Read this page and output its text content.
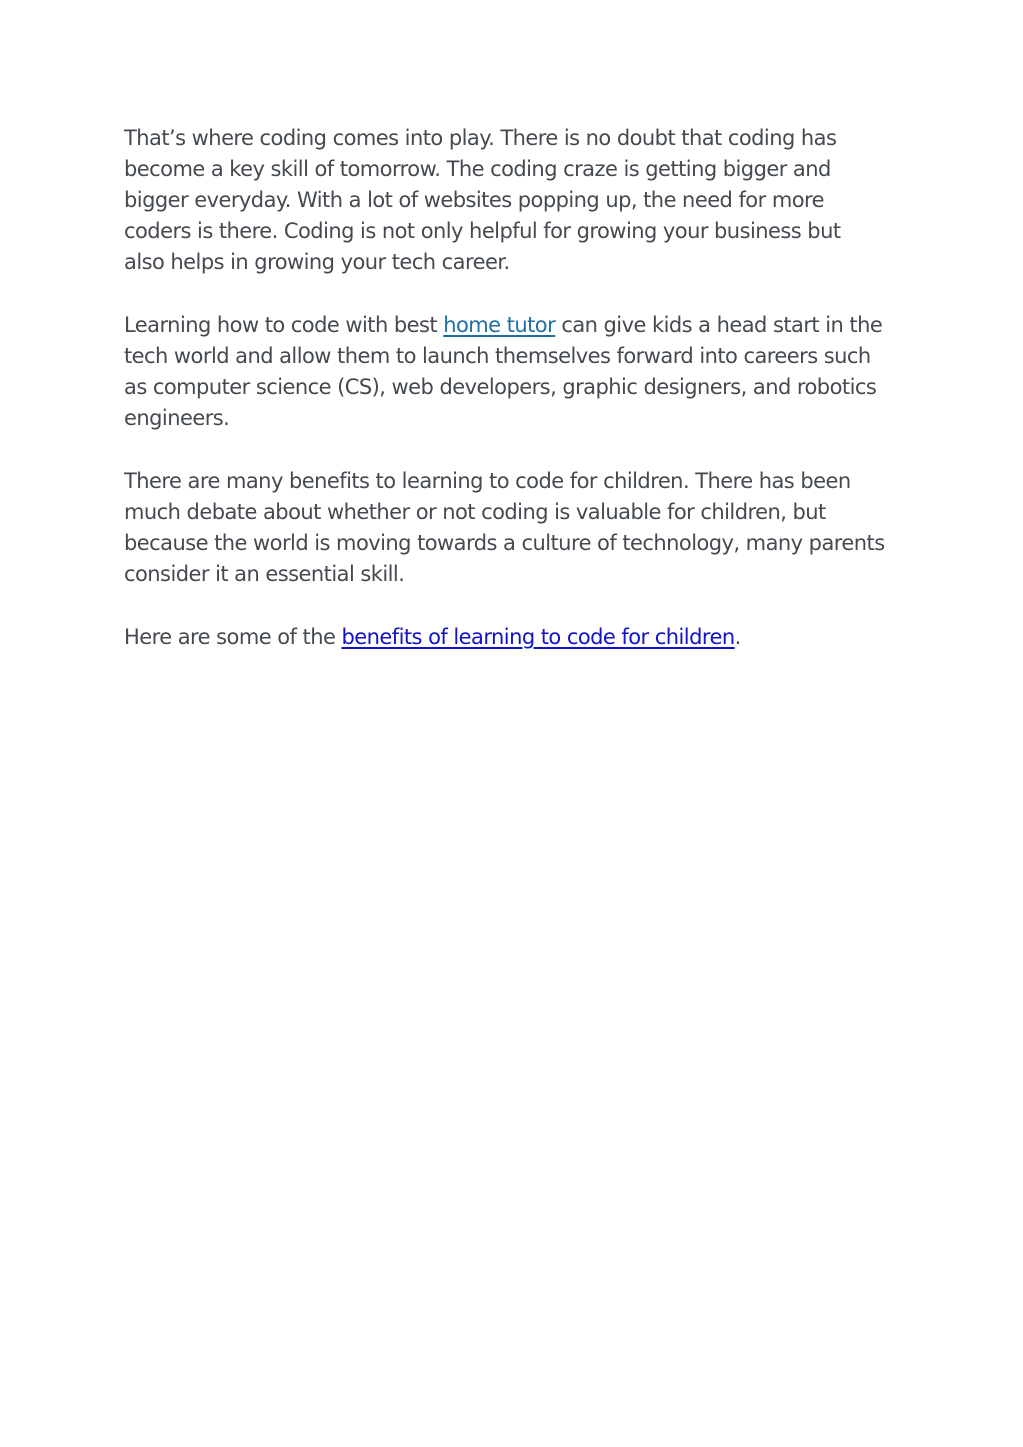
That’s where coding comes into play. There is no doubt that coding has
become a key skill of tomorrow. The coding craze is getting bigger and
bigger everyday. With a lot of websites popping up, the need for more
coders is there. Coding is not only helpful for growing your business but
also helps in growing your tech career.

Learning how to code with best home tutor can give kids a head start in the
tech world and allow them to launch themselves forward into careers such
as computer science (CS), web developers, graphic designers, and robotics
engineers.

There are many benefits to learning to code for children. There has been
much debate about whether or not coding is valuable for children, but
because the world is moving towards a culture of technology, many parents
consider it an essential skill.

Here are some of the benefits of learning to code for children.
